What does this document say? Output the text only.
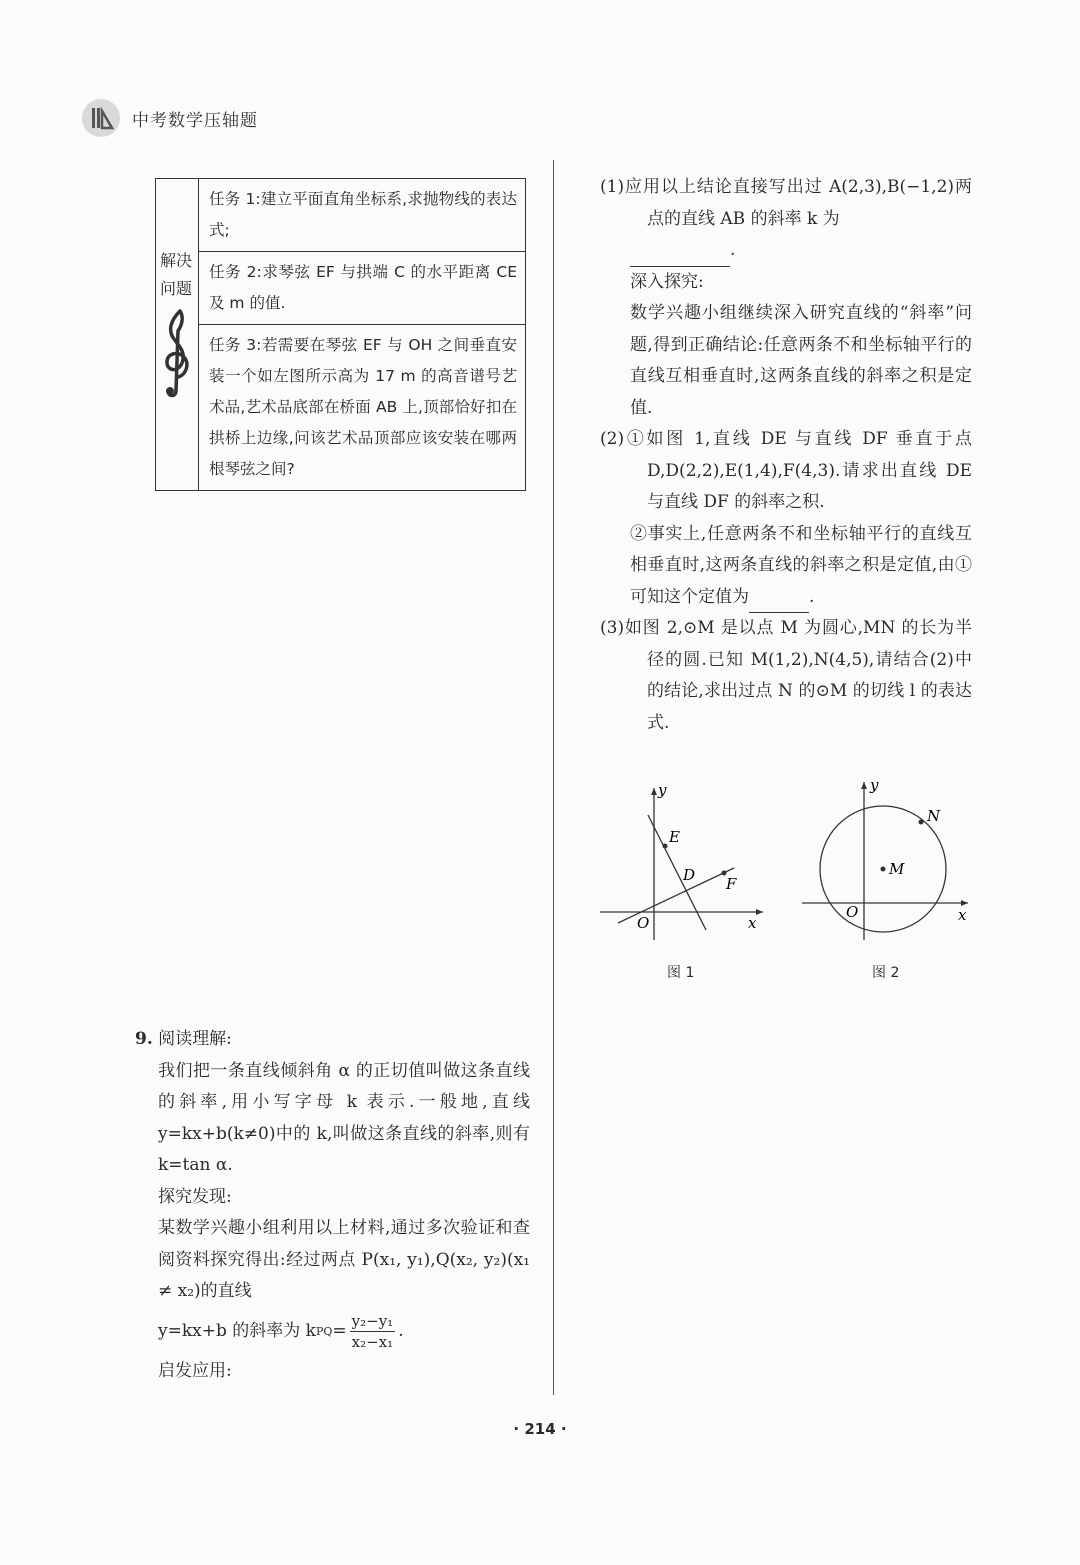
中考数学压轴题
解决
问题
	任务 1:建立平面直角坐标系,求抛物线的表达式;
任务 2:求琴弦 EF 与拱端 C 的水平距离 CE 及 m 的值.
任务 3:若需要在琴弦 EF 与 OH 之间垂直安装一个如左图所示高为 17 m 的高音谱号艺术品,艺术品底部在桥面 AB 上,顶部恰好扣在拱桥上边缘,问该艺术品顶部应该安装在哪两根琴弦之间?
9. 阅读理解:
我们把一条直线倾斜角 α 的正切值叫做这条直线的斜率,用小写字母 k 表示.一般地,直线 y=kx+b(k≠0)中的 k,叫做这条直线的斜率,则有 k=tan α.
探究发现:
某数学兴趣小组利用以上材料,通过多次验证和查阅资料探究得出:经过两点 P(x₁, y₁),Q(x₂, y₂)(x₁ ≠ x₂)的直线
y=kx+b 的斜率为 k PQ = $\frac{\text{y₂−y₁}}{\text{x₂−x₁}}$ .
启发应用:
(1)应用以上结论直接写出过 A(2,3),B(−1,2)两点的直线 AB 的斜率 k 为
.
深入探究:
数学兴趣小组继续深入研究直线的“斜率”问题,得到正确结论:任意两条不和坐标轴平行的直线互相垂直时,这两条直线的斜率之积是定值.
(2)①如图 1,直线 DE 与直线 DF 垂直于点 D,D(2,2),E(1,4),F(4,3).请求出直线 DE 与直线 DF 的斜率之积.
②事实上,任意两条不和坐标轴平行的直线互相垂直时,这两条直线的斜率之积是定值,由①可知这个定值为	.
(3)如图 2,⊙M 是以点 M 为圆心,MN 的长为半径的圆.已知 M(1,2),N(4,5),请结合(2)中的结论,求出过点 N 的⊙M 的切线 l 的表达式.
y
x
O
E
D F
图 1
y
x
O
M
N
图 2
· 214 ·
